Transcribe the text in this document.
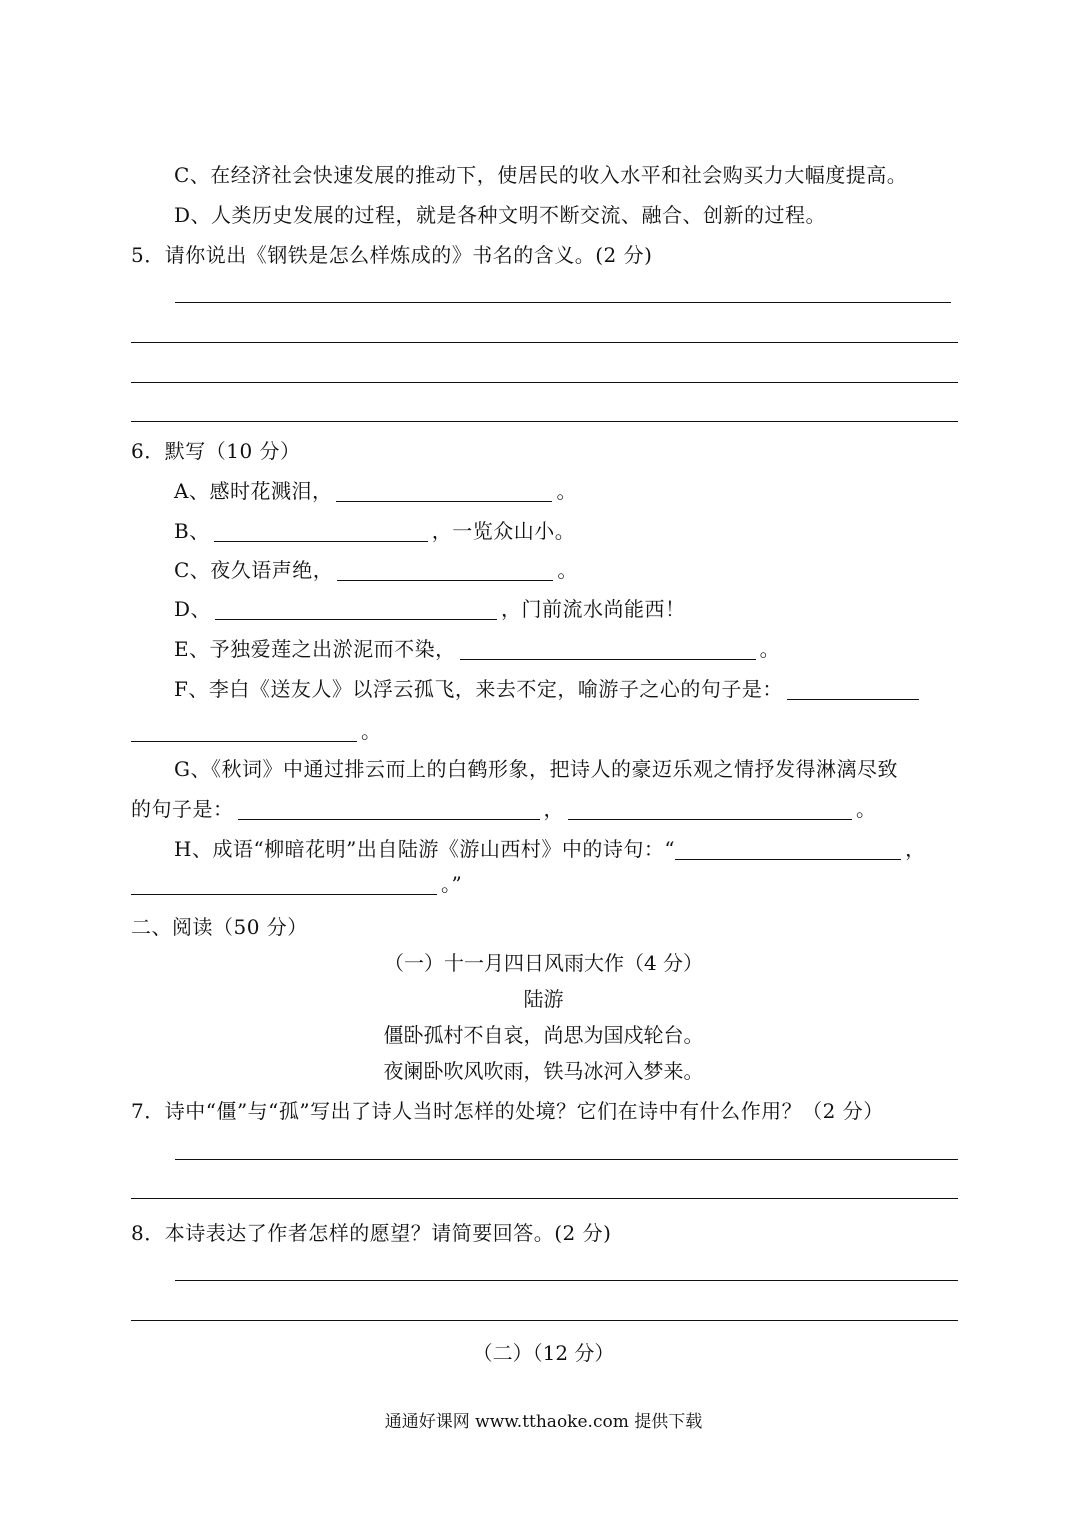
C、在经济社会快速发展的推动下，使居民的收入水平和社会购买力大幅度提高。
D、人类历史发展的过程，就是各种文明不断交流、融合、创新的过程。
5．请你说出《钢铁是怎么样炼成的》书名的含义。(2 分)
6．默写（10 分）
A、感时花溅泪，	。
B、	，一览众山小。
C、夜久语声绝，	。
D、	，门前流水尚能西！
E、予独爱莲之出淤泥而不染，	。
F、李白《送友人》以浮云孤飞，来去不定，喻游子之心的句子是：
。
G、《秋词》中通过排云而上的白鹤形象，把诗人的豪迈乐观之情抒发得淋漓尽致
的句子是：	，	。
H、成语“柳暗花明”出自陆游《游山西村》中的诗句：“	，
。”
二、阅读（50 分）
（一）十一月四日风雨大作（4 分）
陆游
僵卧孤村不自哀，尚思为国戍轮台。
夜阑卧吹风吹雨，铁马冰河入梦来。
7．诗中“僵”与“孤”写出了诗人当时怎样的处境？它们在诗中有什么作用？（2 分）
8．本诗表达了作者怎样的愿望？请简要回答。(2 分)
（二）（12 分）
通通好课网 www.tthaoke.com 提供下载
